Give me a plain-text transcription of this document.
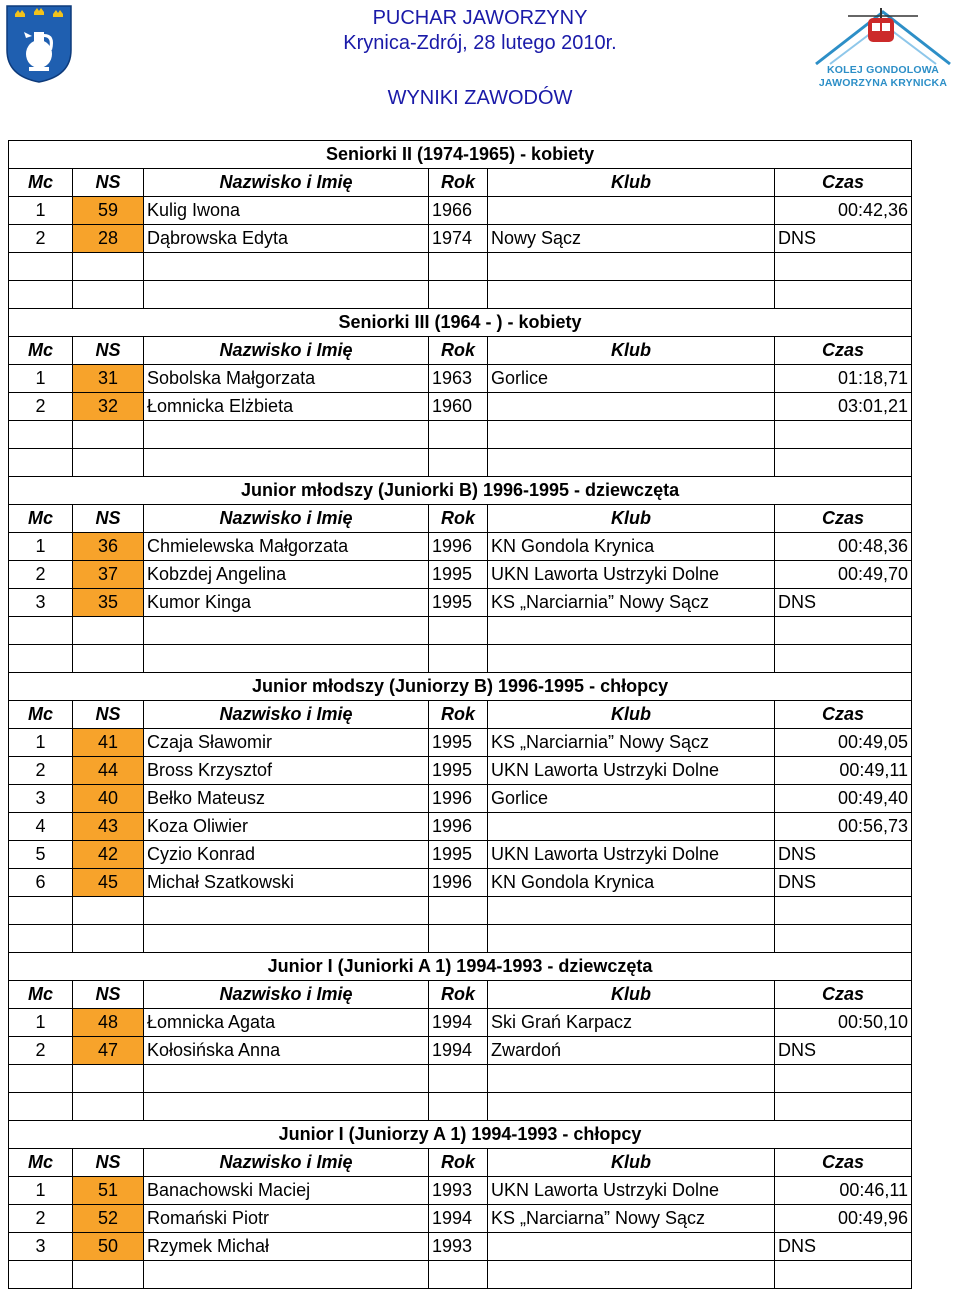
PUCHAR JAWORZYNY
Krynica-Zdrój, 28 lutego 2010r.
WYNIKI ZAWODÓW
KOLEJ GONDOLOWA
JAWORZYNA KRYNICKA
Seniorki II (1974-1965) - kobiety					
Mc	NS	Nazwisko i Imię	Rok	Klub	Czas
1	59	Kulig Iwona	1966		00:42,36
2	28	Dąbrowska Edyta	1974	Nowy Sącz	DNS

Seniorki III (1964 - ) - kobiety					
Mc	NS	Nazwisko i Imię	Rok	Klub	Czas
1	31	Sobolska Małgorzata	1963	Gorlice	01:18,71
2	32	Łomnicka Elżbieta	1960		03:01,21

Junior młodszy (Juniorki B) 1996-1995 - dziewczęta					
Mc	NS	Nazwisko i Imię	Rok	Klub	Czas
1	36	Chmielewska Małgorzata	1996	KN Gondola Krynica	00:48,36
2	37	Kobzdej Angelina	1995	UKN Laworta Ustrzyki Dolne	00:49,70
3	35	Kumor Kinga	1995	KS „Narciarnia” Nowy Sącz	DNS

Junior młodszy (Juniorzy B) 1996-1995 - chłopcy					
Mc	NS	Nazwisko i Imię	Rok	Klub	Czas
1	41	Czaja Sławomir	1995	KS „Narciarnia” Nowy Sącz	00:49,05
2	44	Bross Krzysztof	1995	UKN Laworta Ustrzyki Dolne	00:49,11
3	40	Bełko Mateusz	1996	Gorlice	00:49,40
4	43	Koza Oliwier	1996		00:56,73
5	42	Cyzio Konrad	1995	UKN Laworta Ustrzyki Dolne	DNS
6	45	Michał Szatkowski	1996	KN Gondola Krynica	DNS

Junior I (Juniorki A 1) 1994-1993 - dziewczęta					
Mc	NS	Nazwisko i Imię	Rok	Klub	Czas
1	48	Łomnicka Agata	1994	Ski Grań Karpacz	00:50,10
2	47	Kołosińska Anna	1994	Zwardoń	DNS

Junior I (Juniorzy A 1) 1994-1993 - chłopcy					
Mc	NS	Nazwisko i Imię	Rok	Klub	Czas
1	51	Banachowski Maciej	1993	UKN Laworta Ustrzyki Dolne	00:46,11
2	52	Romański Piotr	1994	KS „Narciarna” Nowy Sącz	00:49,96
3	50	Rzymek Michał	1993		DNS
